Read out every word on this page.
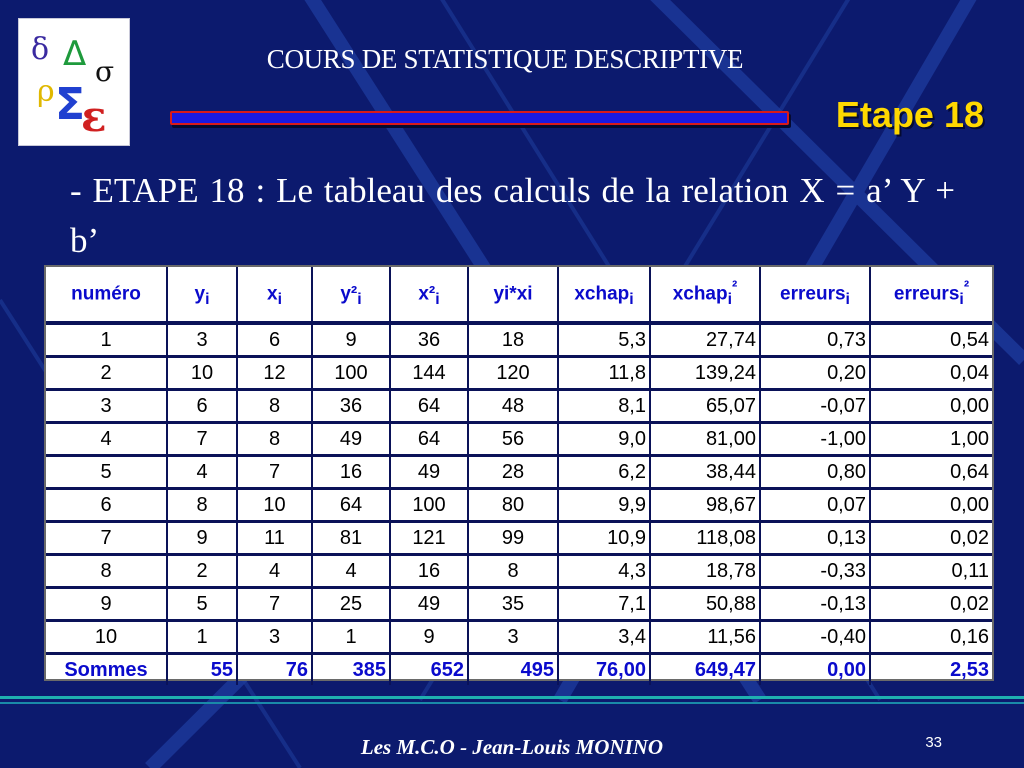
δ Δ σ
ρ Σ
ε
COURS DE STATISTIQUE DESCRIPTIVE
Etape 18
- ETAPE 18 : Le tableau des calculs de la relation X = a’ Y + b’
numéro	$y_i$	$x_i$	$y^2_i$	$x^2_i$	yi*xi	xchap$_i$	xchap$_i^{^2}$	erreurs$_i$	erreurs$_i^{^2}$
1	3	6	9	36	18	5,3	27,74	0,73	0,54
2	10	12	100	144	120	11,8	139,24	0,20	0,04
3	6	8	36	64	48	8,1	65,07	-0,07	0,00
4	7	8	49	64	56	9,0	81,00	-1,00	1,00
5	4	7	16	49	28	6,2	38,44	0,80	0,64
6	8	10	64	100	80	9,9	98,67	0,07	0,00
7	9	11	81	121	99	10,9	118,08	0,13	0,02
8	2	4	4	16	8	4,3	18,78	-0,33	0,11
9	5	7	25	49	35	7,1	50,88	-0,13	0,02
10	1	3	1	9	3	3,4	11,56	-0,40	0,16
Sommes	55	76	385	652	495	76,00	649,47	0,00	2,53
Les M.C.O - Jean-Louis MONINO	33
